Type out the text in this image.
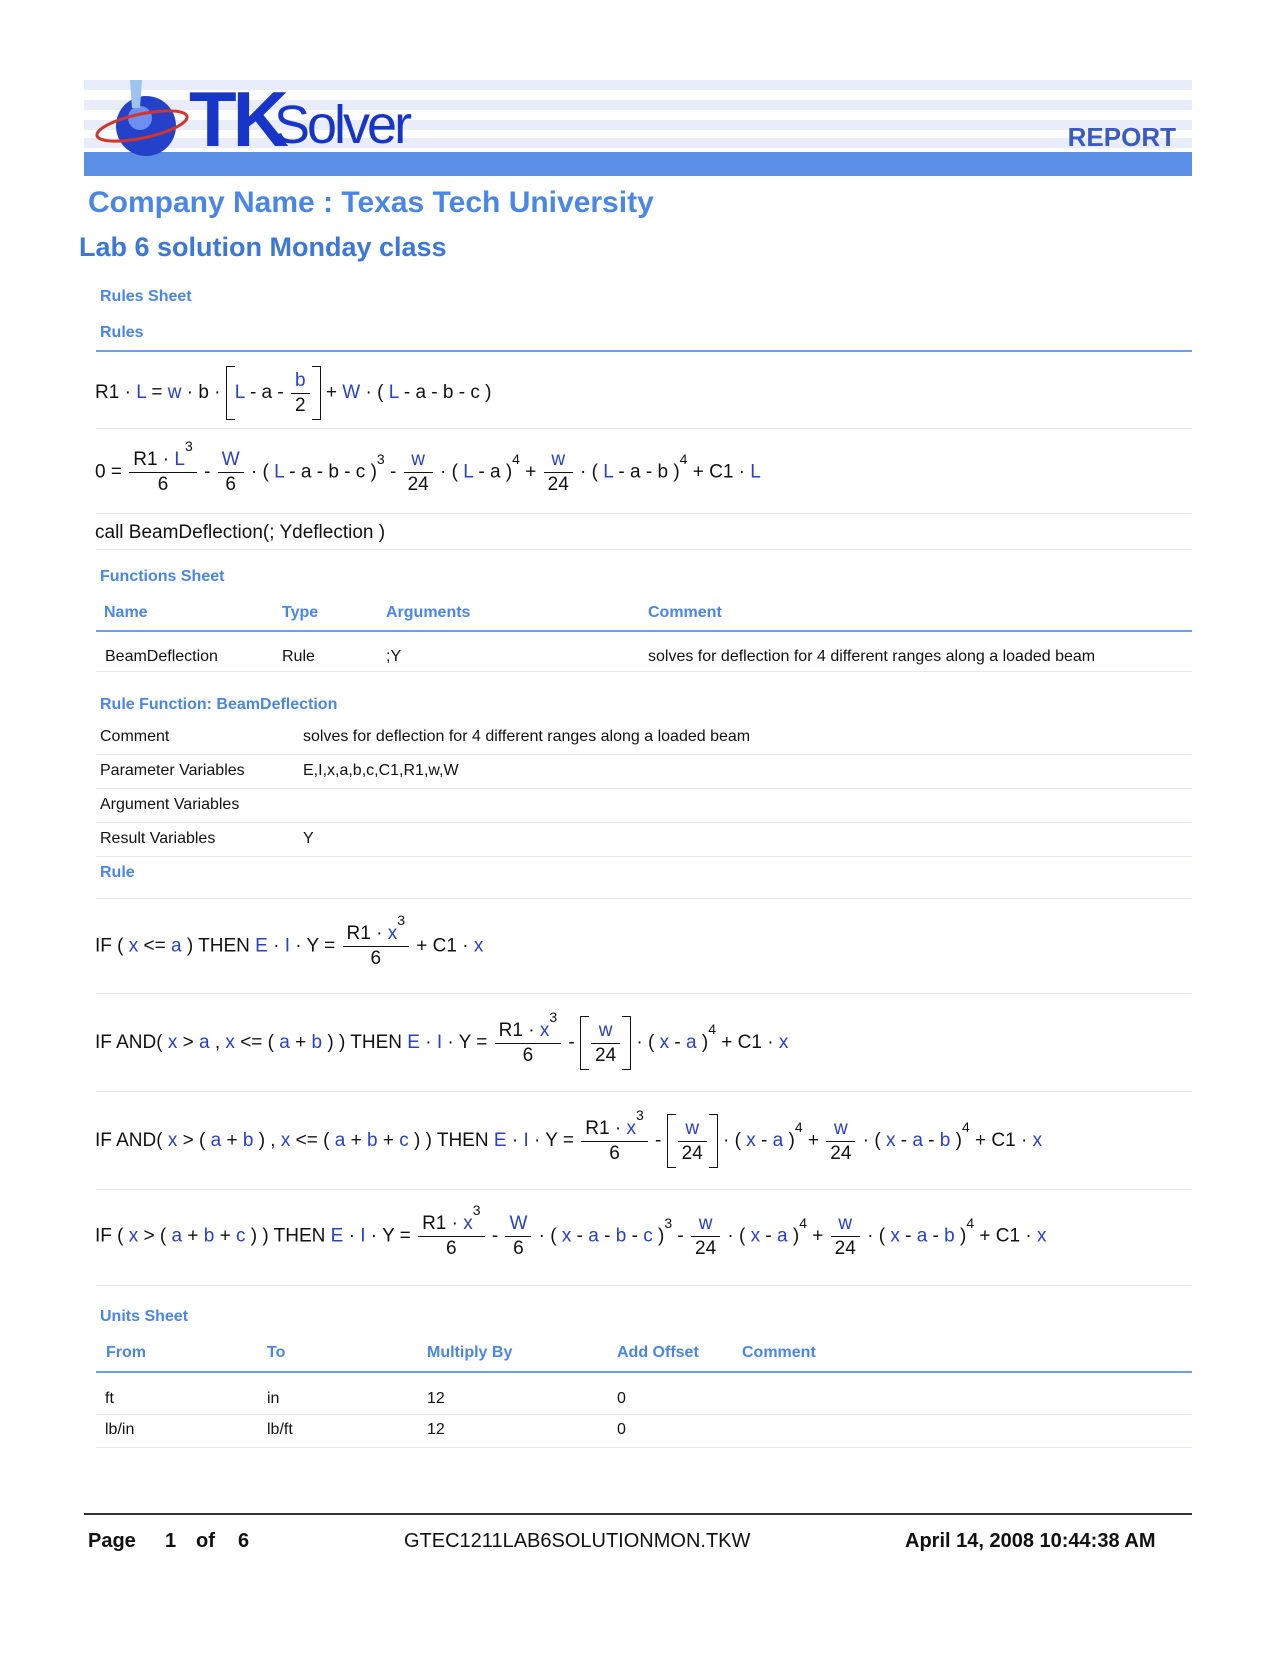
TK
Solver	REPORT
Company Name : Texas Tech University
Lab 6 solution Monday class
Rules Sheet
Rules
$R1 \cdot L = w \cdot b \cdot L - a - \frac{b}{2} + W$ · ( L - a - b - c )
$0 = \frac{R1 \cdot L^3}{6} - \frac{W}{6}$ · ( L - a - b - c )$^3 - \frac{w}{24}$ · ( L - a )$^4 + \frac{w}{24}$ · ( L - a - b )$^4$ + C1 · L
call BeamDeflection(; Ydeflection )
Functions Sheet
Name	Type	Arguments	Comment
BeamDeflection	Rule	;Y	solves for deflection for 4 different ranges along a loaded beam
Rule Function: BeamDeflection
Comment	solves for deflection for 4 different ranges along a loaded beam
Parameter Variables	E,I,x,a,b,c,C1,R1,w,W
Argument Variables
Result Variables	Y
Rule
IF ( x <= a ) THEN $E \cdot I \cdot Y = \frac{R1 \cdot x^3}{6} + C1 \cdot x$
IF AND( x > a , x <= ( a + b ) ) THEN $E \cdot I \cdot Y = \frac{R1 \cdot x^3}{6} - \frac{w}{24}$ · ( x - a )$^4$ + C1 · x
IF AND( x > ( a + b ) , x <= ( a + b + c ) ) THEN $E \cdot I \cdot Y = \frac{R1 \cdot x^3}{6} - \frac{w}{24}$ · ( x - a )$^4 + \frac{w}{24}$ · ( x - a - b )$^4$ + C1 · x
IF ( x > ( a + b + c ) ) THEN $E \cdot I \cdot Y = \frac{R1 \cdot x^3}{6} - \frac{W}{6}$ · ( x - a - b - c )$^3 - \frac{w}{24}$ · ( x - a )$^4 + \frac{w}{24}$ · ( x - a - b )$^4$ + C1 · x
Units Sheet
From	To	Multiply By	Add Offset	Comment
ft	in	12	0
lb/in	lb/ft	12	0
Page 1 of 6	GTEC1211LAB6SOLUTIONMON.TKW	April 14, 2008 10:44:38 AM
